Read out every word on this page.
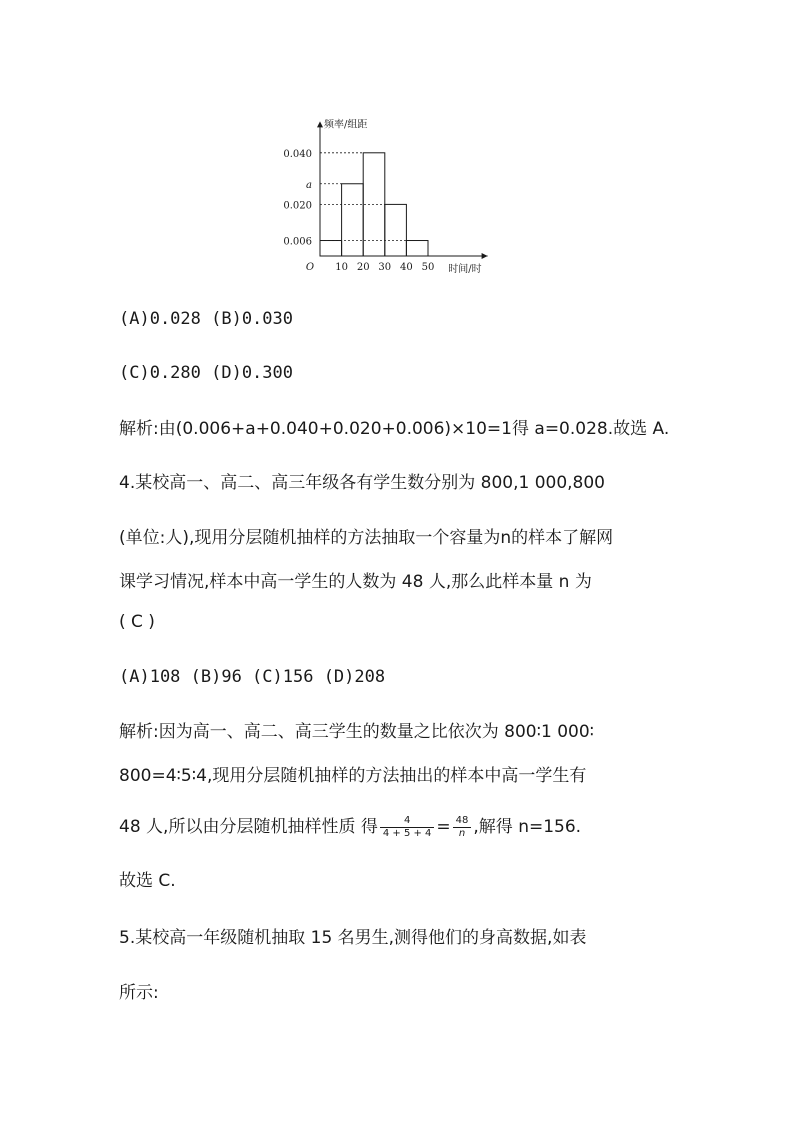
0.040
a
0.020
0.006
10 20 30 40 50
O
频率/组距
时间/时
(A)0.028 (B)0.030
(C)0.280 (D)0.300
解析:由(0.006+a+0.040+0.020+0.006)×10=1得 a=0.028.故选 A.
4.某校高一、高二、高三年级各有学生数分别为 800,1 000,800
(单位:人),现用分层随机抽样的方法抽取一个容量为n的样本了解网
课学习情况,样本中高一学生的人数为 48 人,那么此样本量 n 为
( C )
(A)108 (B)96 (C)156 (D)208
解析:因为高一、高二、高三学生的数量之比依次为 800∶1 000∶
800=4∶5∶4,现用分层随机抽样的方法抽出的样本中高一学生有
48 人,所以由分层随机抽样性质 得 $\frac{4}{4 + 5 + 4} = \frac{48}{n}$ ,解得 n=156.
故选 C.
5.某校高一年级随机抽取 15 名男生,测得他们的身高数据,如表
所示:
